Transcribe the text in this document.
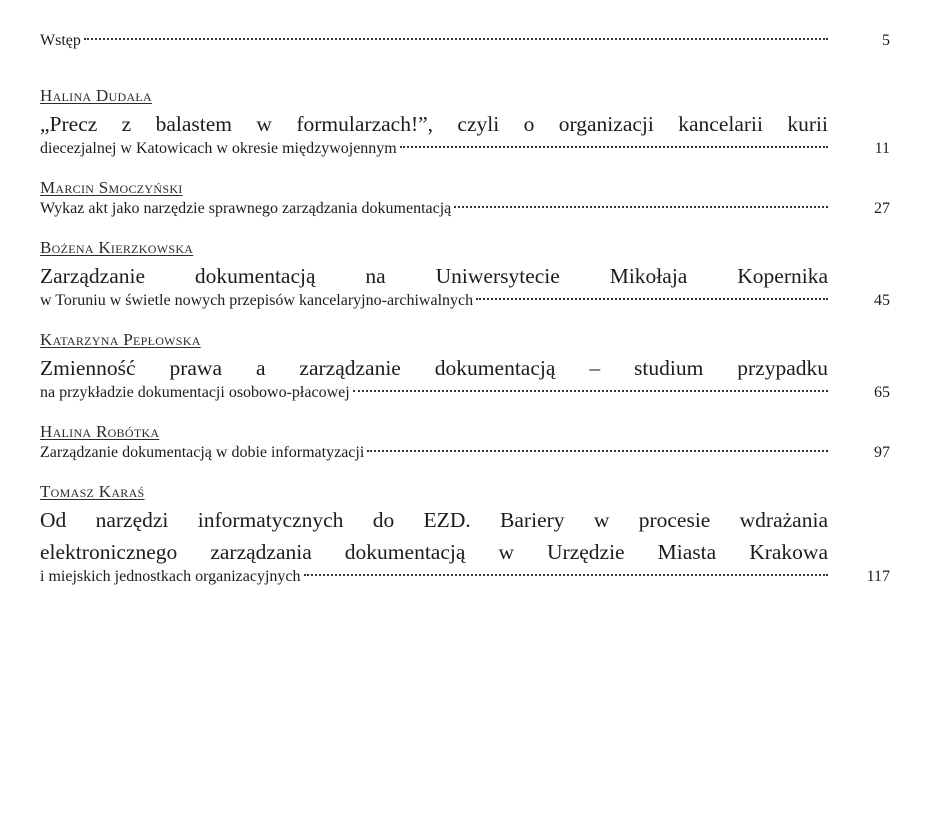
Wstęp	5
Halina Dudała
„Precz z balastem w formularzach!”, czyli o organizacji kancelarii kurii
diecezjalnej w Katowicach w okresie międzywojennym	11
Marcin Smoczyński
Wykaz akt jako narzędzie sprawnego zarządzania dokumentacją	27
Bożena Kierzkowska
Zarządzanie dokumentacją na Uniwersytecie Mikołaja Kopernika
w Toruniu w świetle nowych przepisów kancelaryjno-archiwalnych	45
Katarzyna Pepłowska
Zmienność prawa a zarządzanie dokumentacją – studium przypadku
na przykładzie dokumentacji osobowo-płacowej	65
Halina Robótka
Zarządzanie dokumentacją w dobie informatyzacji	97
Tomasz Karaś
Od narzędzi informatycznych do EZD. Bariery w procesie wdrażania
elektronicznego zarządzania dokumentacją w Urzędzie Miasta Krakowa
i miejskich jednostkach organizacyjnych	117
